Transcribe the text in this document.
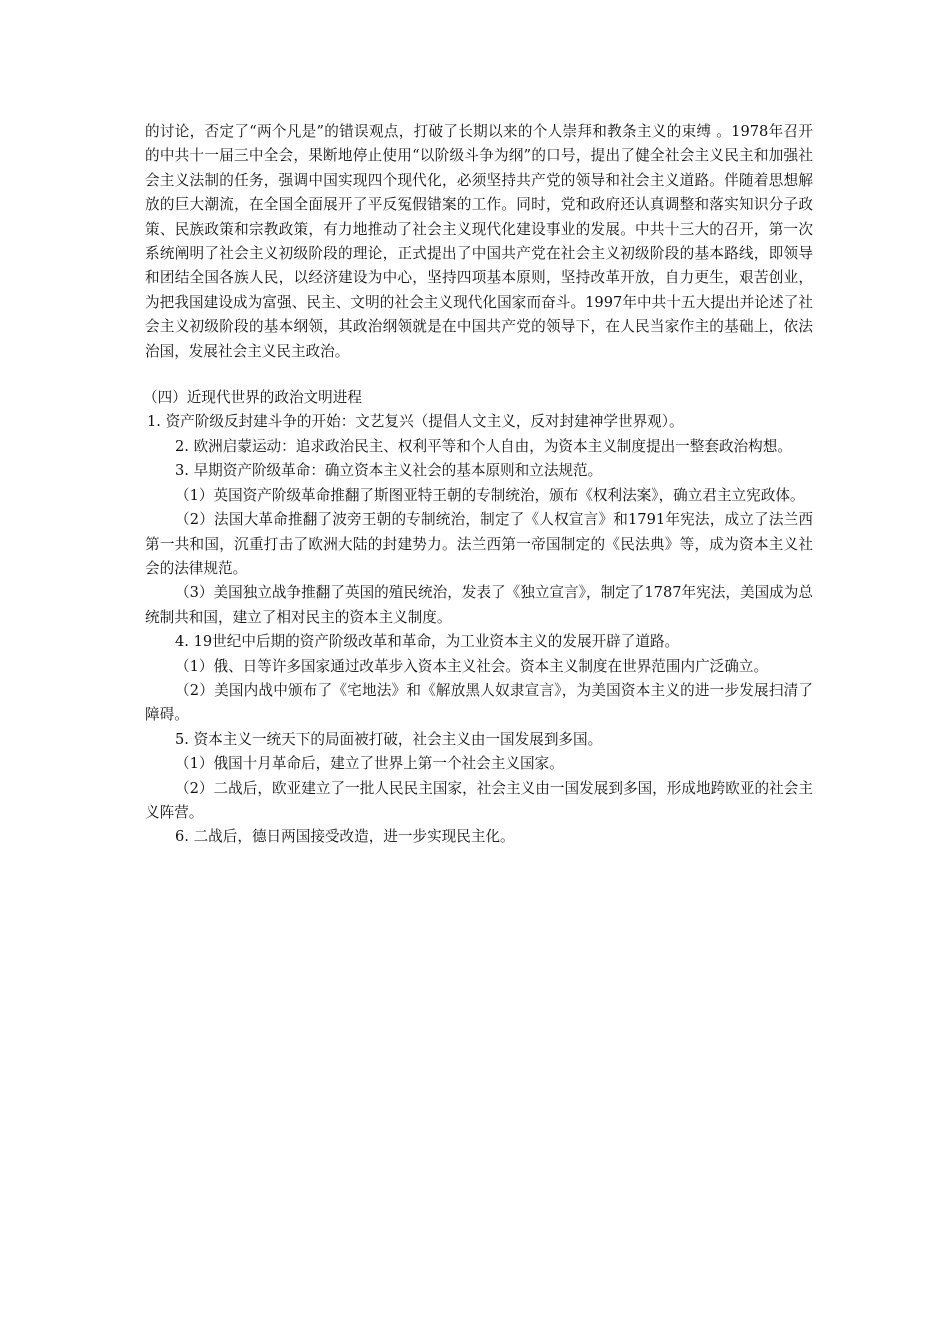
的讨论，否定了“两个凡是”的错误观点，打破了长期以来的个人崇拜和教条主义的束缚 。1978年召开的中共十一届三中全会，果断地停止使用“以阶级斗争为纲”的口号，提出了健全社会主义民主和加强社会主义法制的任务，强调中国实现四个现代化，必须坚持共产党的领导和社会主义道路。伴随着思想解放的巨大潮流，在全国全面展开了平反冤假错案的工作。同时，党和政府还认真调整和落实知识分子政策、民族政策和宗教政策，有力地推动了社会主义现代化建设事业的发展。中共十三大的召开，第一次系统阐明了社会主义初级阶段的理论，正式提出了中国共产党在社会主义初级阶段的基本路线，即领导和团结全国各族人民，以经济建设为中心，坚持四项基本原则，坚持改革开放，自力更生，艰苦创业，为把我国建设成为富强、民主、文明的社会主义现代化国家而奋斗。1997年中共十五大提出并论述了社会主义初级阶段的基本纲领，其政治纲领就是在中国共产党的领导下，在人民当家作主的基础上，依法治国，发展社会主义民主政治。

（四）近现代世界的政治文明进程

1. 资产阶级反封建斗争的开始：文艺复兴（提倡人文主义，反对封建神学世界观）。

2. 欧洲启蒙运动：追求政治民主、权利平等和个人自由，为资本主义制度提出一整套政治构想。

3. 早期资产阶级革命：确立资本主义社会的基本原则和立法规范。

（1）英国资产阶级革命推翻了斯图亚特王朝的专制统治，颁布《权利法案》，确立君主立宪政体。

（2）法国大革命推翻了波旁王朝的专制统治，制定了《人权宣言》和1791年宪法，成立了法兰西第一共和国，沉重打击了欧洲大陆的封建势力。法兰西第一帝国制定的《民法典》等，成为资本主义社会的法律规范。

（3）美国独立战争推翻了英国的殖民统治，发表了《独立宣言》，制定了1787年宪法，美国成为总统制共和国，建立了相对民主的资本主义制度。

4. 19世纪中后期的资产阶级改革和革命，为工业资本主义的发展开辟了道路。

（1）俄、日等许多国家通过改革步入资本主义社会。资本主义制度在世界范围内广泛确立。

（2）美国内战中颁布了《宅地法》和《解放黑人奴隶宣言》，为美国资本主义的进一步发展扫清了障碍。

5. 资本主义一统天下的局面被打破，社会主义由一国发展到多国。

（1）俄国十月革命后，建立了世界上第一个社会主义国家。

（2）二战后，欧亚建立了一批人民民主国家，社会主义由一国发展到多国，形成地跨欧亚的社会主义阵营。

6. 二战后，德日两国接受改造，进一步实现民主化。
